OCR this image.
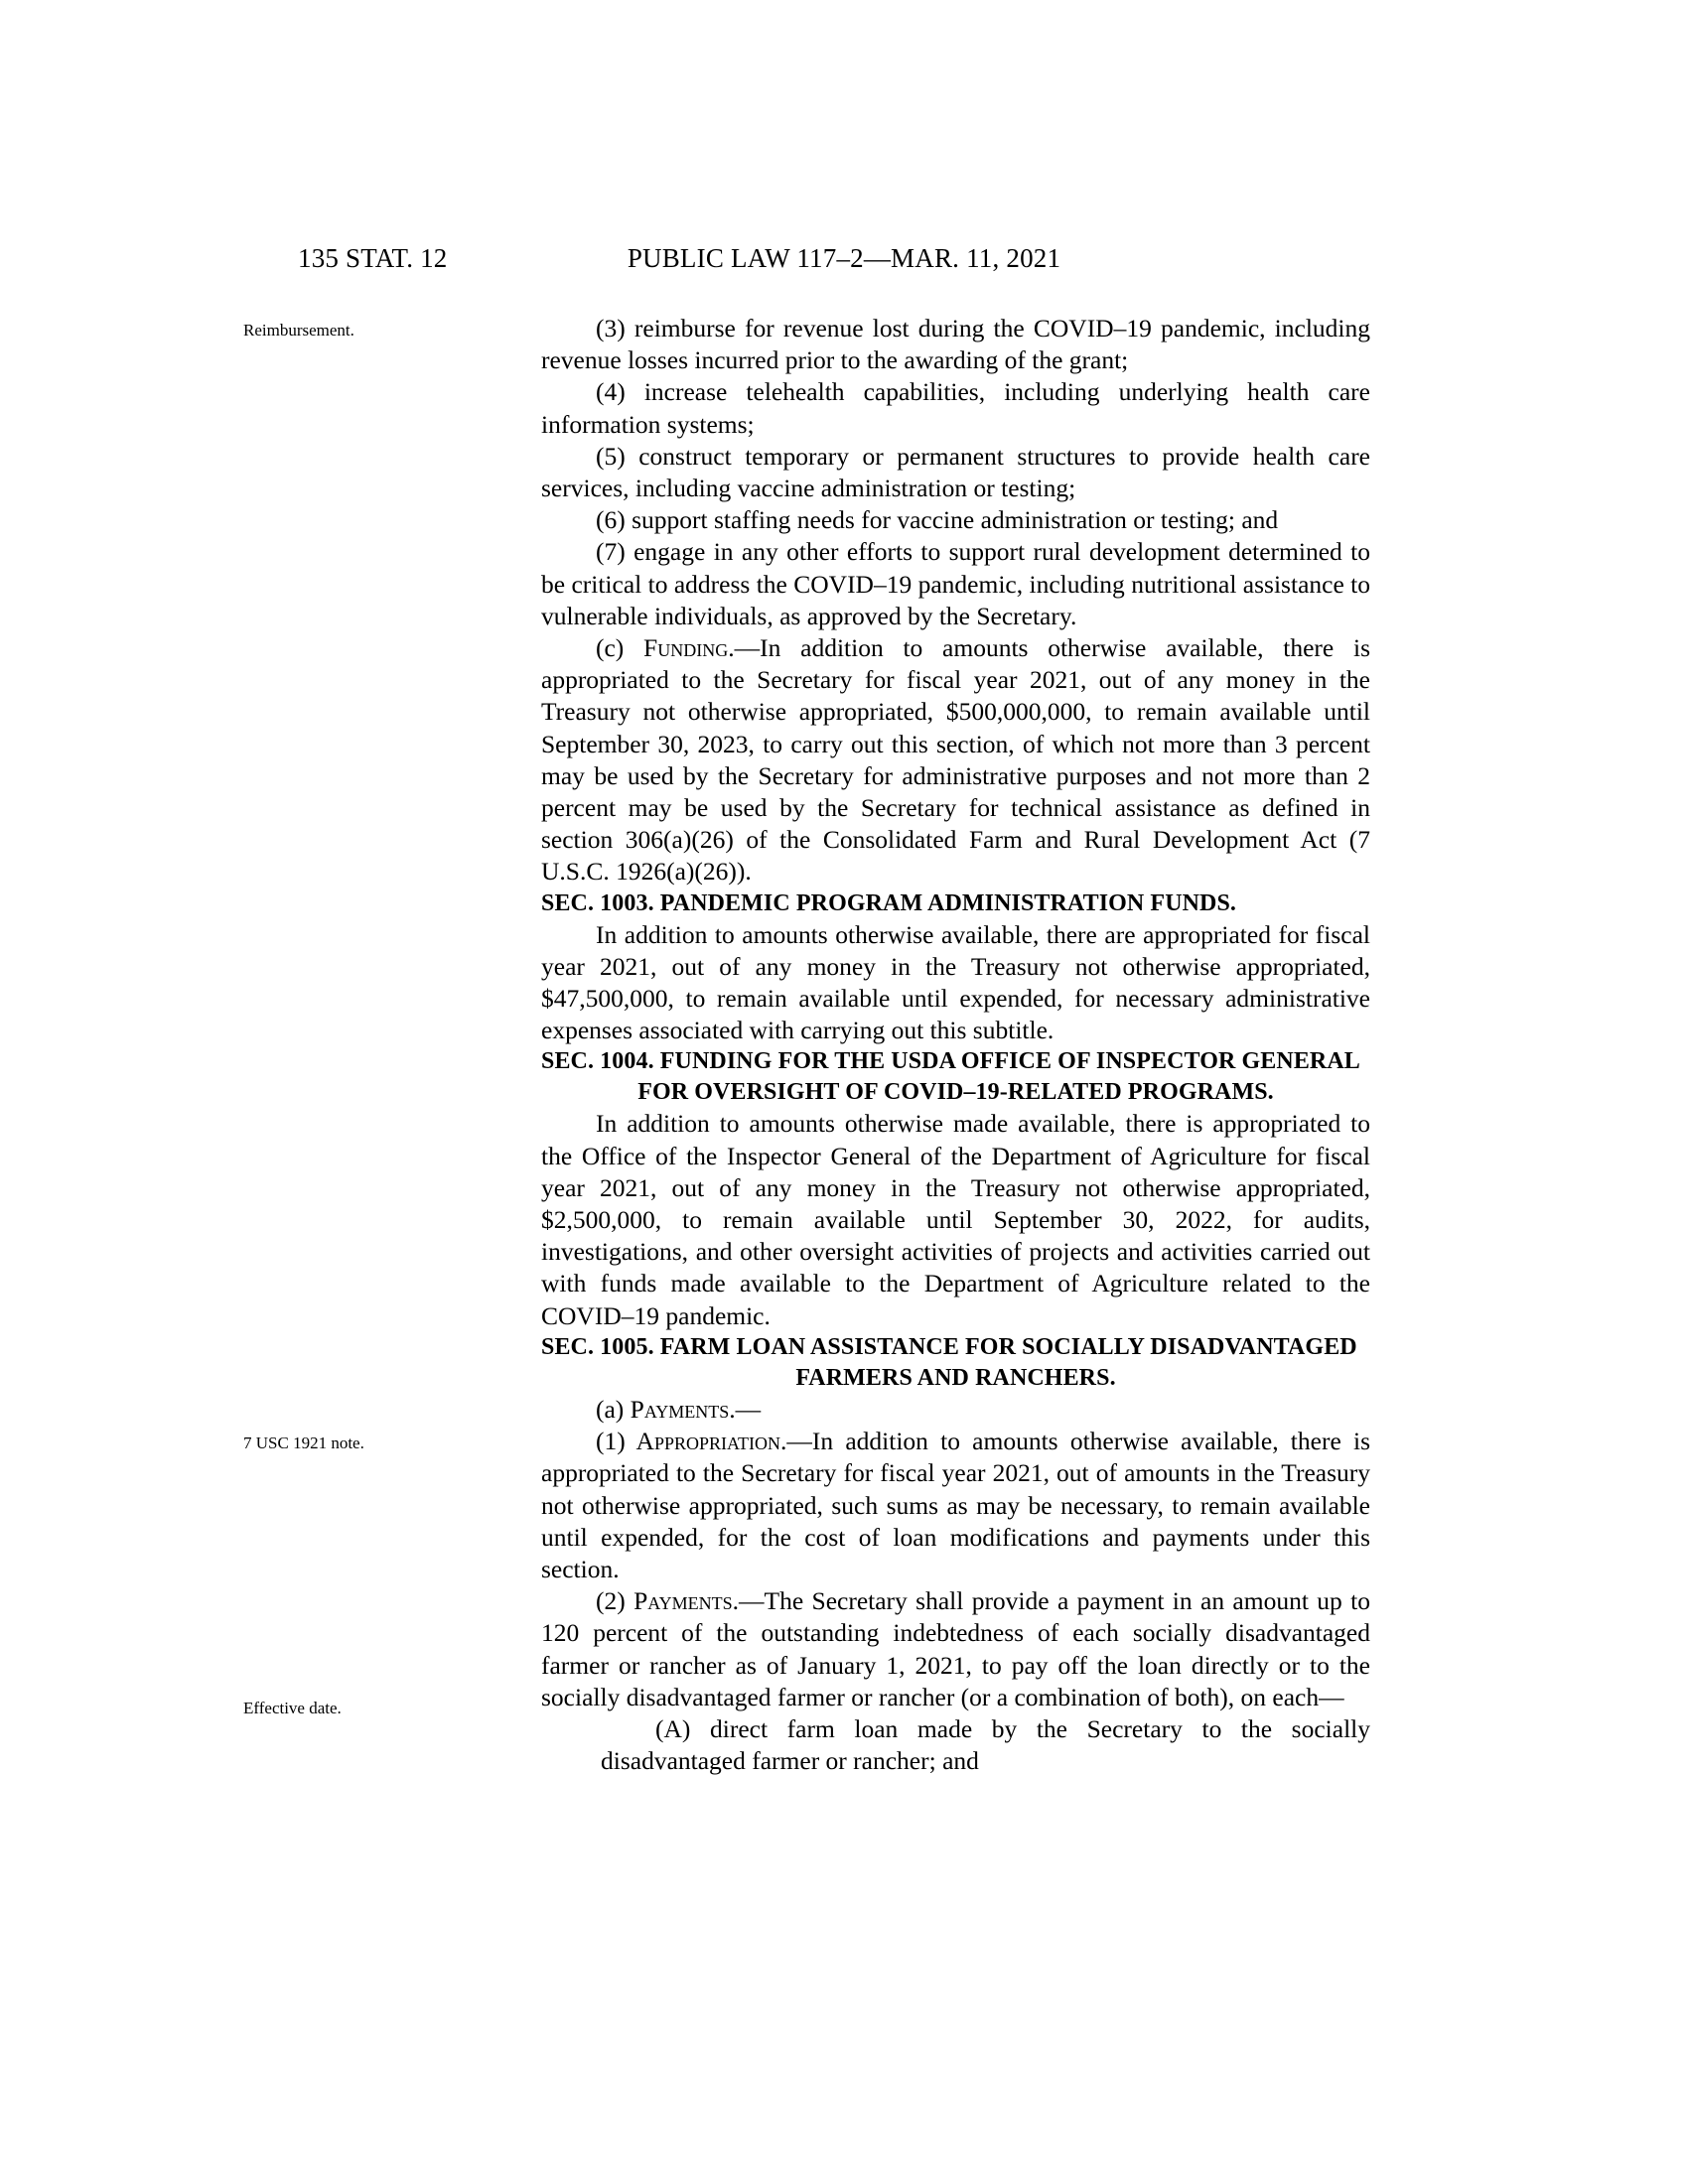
135 STAT. 12	PUBLIC LAW 117–2—MAR. 11, 2021
Reimbursement.
7 USC 1921 note.
Effective date.

(3) reimburse for revenue lost during the COVID–19 pandemic, including revenue losses incurred prior to the awarding of the grant;

(4) increase telehealth capabilities, including underlying health care information systems;

(5) construct temporary or permanent structures to provide health care services, including vaccine administration or testing;

(6) support staffing needs for vaccine administration or testing; and

(7) engage in any other efforts to support rural development determined to be critical to address the COVID–19 pandemic, including nutritional assistance to vulnerable individuals, as approved by the Secretary.

(c) Funding.—In addition to amounts otherwise available, there is appropriated to the Secretary for fiscal year 2021, out of any money in the Treasury not otherwise appropriated, $500,000,000, to remain available until September 30, 2023, to carry out this section, of which not more than 3 percent may be used by the Secretary for administrative purposes and not more than 2 percent may be used by the Secretary for technical assistance as defined in section 306(a)(26) of the Consolidated Farm and Rural Development Act (7 U.S.C. 1926(a)(26)).

SEC. 1003. PANDEMIC PROGRAM ADMINISTRATION FUNDS.

In addition to amounts otherwise available, there are appropriated for fiscal year 2021, out of any money in the Treasury not otherwise appropriated, $47,500,000, to remain available until expended, for necessary administrative expenses associated with carrying out this subtitle.

SEC. 1004. FUNDING FOR THE USDA OFFICE OF INSPECTOR GENERAL
FOR OVERSIGHT OF COVID–19-RELATED PROGRAMS.

In addition to amounts otherwise made available, there is appropriated to the Office of the Inspector General of the Department of Agriculture for fiscal year 2021, out of any money in the Treasury not otherwise appropriated, $2,500,000, to remain available until September 30, 2022, for audits, investigations, and other oversight activities of projects and activities carried out with funds made available to the Department of Agriculture related to the COVID–19 pandemic.

SEC. 1005. FARM LOAN ASSISTANCE FOR SOCIALLY DISADVANTAGED
FARMERS AND RANCHERS.

(a) Payments.—

(1) Appropriation.—In addition to amounts otherwise available, there is appropriated to the Secretary for fiscal year 2021, out of amounts in the Treasury not otherwise appropriated, such sums as may be necessary, to remain available until expended, for the cost of loan modifications and payments under this section.

(2) Payments.—The Secretary shall provide a payment in an amount up to 120 percent of the outstanding indebtedness of each socially disadvantaged farmer or rancher as of January 1, 2021, to pay off the loan directly or to the socially disadvantaged farmer or rancher (or a combination of both), on each—

(A) direct farm loan made by the Secretary to the socially disadvantaged farmer or rancher; and
